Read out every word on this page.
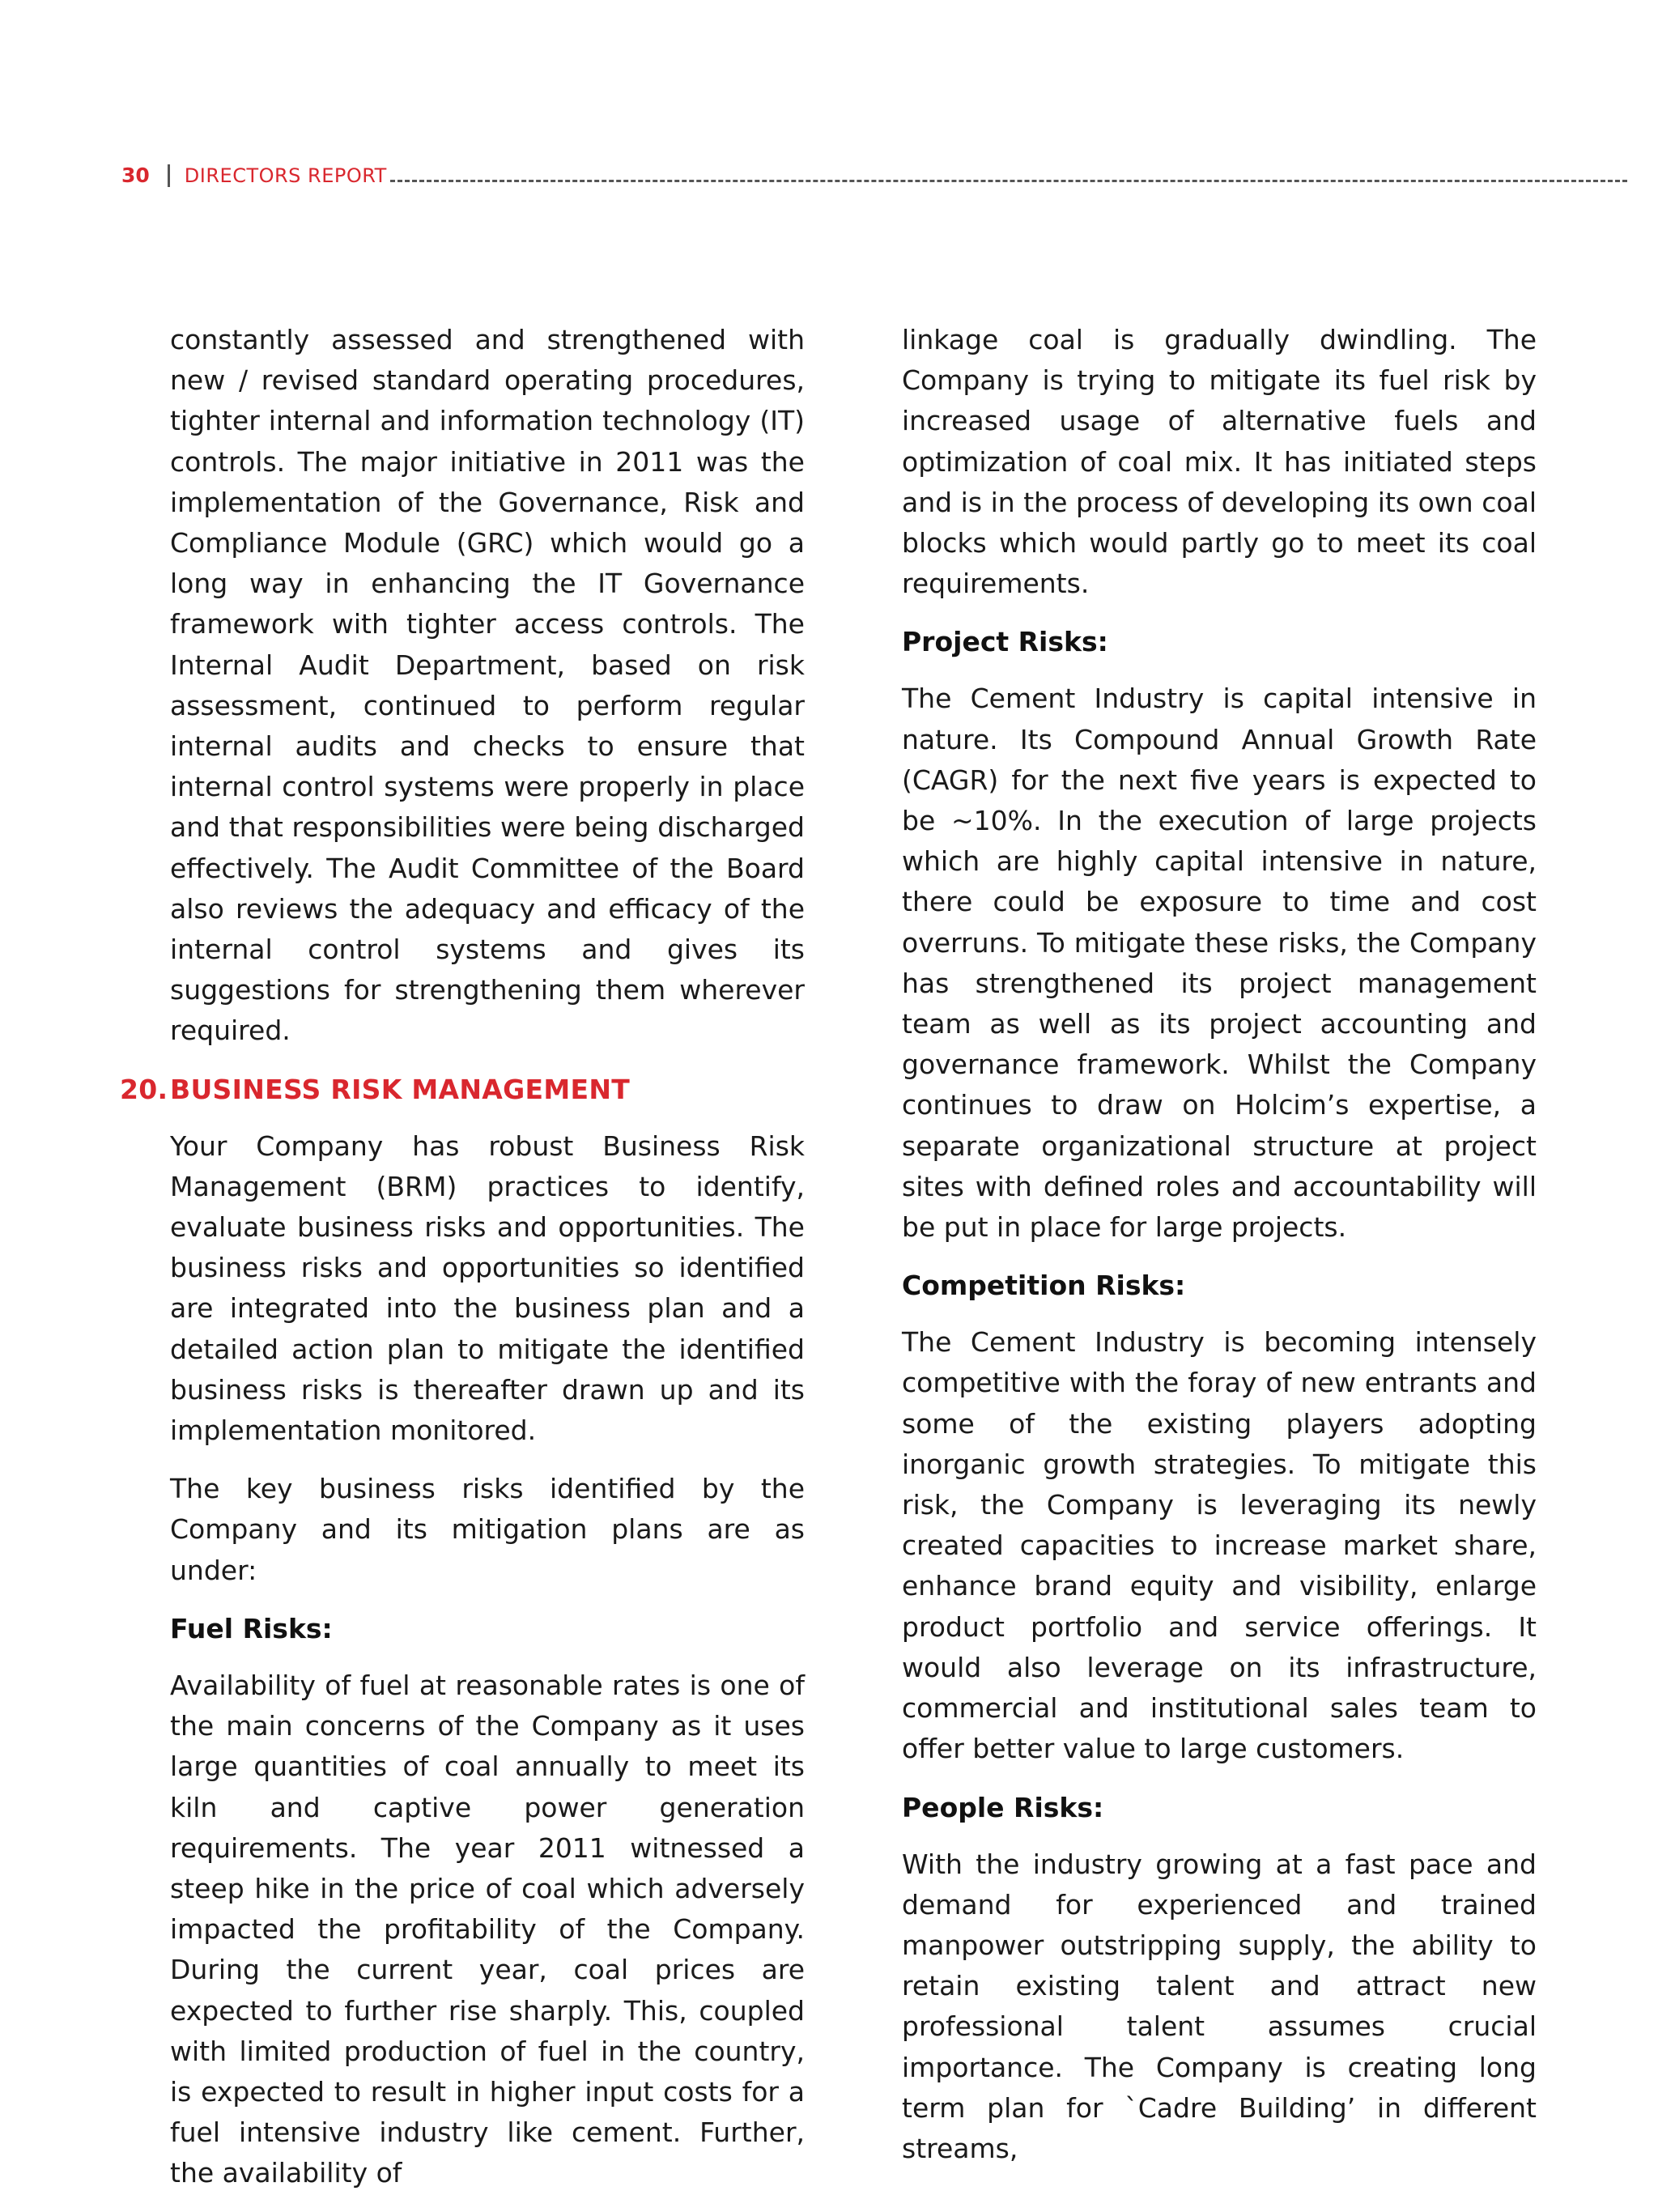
30 DIRECTORS REPORT

constantly assessed and strengthened with new / revised standard operating procedures, tighter internal and information technology (IT) controls. The major initiative in 2011 was the implementation of the Governance, Risk and Compliance Module (GRC) which would go a long way in enhancing the IT Governance framework with tighter access controls. The Internal Audit Department, based on risk assessment, continued to perform regular internal audits and checks to ensure that internal control systems were properly in place and that responsibilities were being discharged effectively. The Audit Committee of the Board also reviews the adequacy and efficacy of the internal control systems and gives its suggestions for strengthening them wherever required.

20.BUSINESS RISK MANAGEMENT

Your Company has robust Business Risk Management (BRM) practices to identify, evaluate business risks and opportunities. The business risks and opportunities so identified are integrated into the business plan and a detailed action plan to mitigate the identified business risks is thereafter drawn up and its implementation monitored.

The key business risks identified by the Company and its mitigation plans are as under:

Fuel Risks:

Availability of fuel at reasonable rates is one of the main concerns of the Company as it uses large quantities of coal annually to meet its kiln and captive power generation requirements. The year 2011 witnessed a steep hike in the price of coal which adversely impacted the profitability of the Company. During the current year, coal prices are expected to further rise sharply. This, coupled with limited production of fuel in the country, is expected to result in higher input costs for a fuel intensive industry like cement. Further, the availability of

linkage coal is gradually dwindling. The Company is trying to mitigate its fuel risk by increased usage of alternative fuels and optimization of coal mix. It has initiated steps and is in the process of developing its own coal blocks which would partly go to meet its coal requirements.

Project Risks:

The Cement Industry is capital intensive in nature. Its Compound Annual Growth Rate (CAGR) for the next five years is expected to be ~10%. In the execution of large projects which are highly capital intensive in nature, there could be exposure to time and cost overruns. To mitigate these risks, the Company has strengthened its project management team as well as its project accounting and governance framework. Whilst the Company continues to draw on Holcim’s expertise, a separate organizational structure at project sites with defined roles and accountability will be put in place for large projects.

Competition Risks:

The Cement Industry is becoming intensely competitive with the foray of new entrants and some of the existing players adopting inorganic growth strategies. To mitigate this risk, the Company is leveraging its newly created capacities to increase market share, enhance brand equity and visibility, enlarge product portfolio and service offerings. It would also leverage on its infrastructure, commercial and institutional sales team to offer better value to large customers.

People Risks:

With the industry growing at a fast pace and demand for experienced and trained manpower outstripping supply, the ability to retain existing talent and attract new professional talent assumes crucial importance. The Company is creating long term plan for `Cadre Building’ in different streams,
